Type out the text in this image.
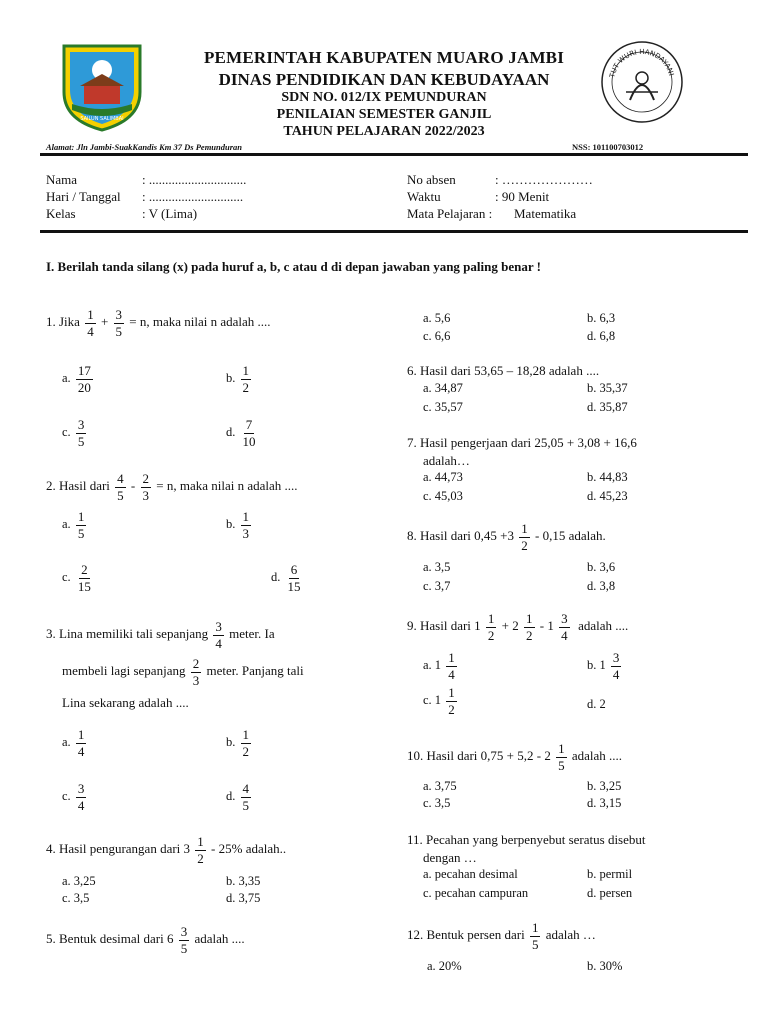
SAILUN SALIMBAI
TUT WURI HANDAYANI
PEMERINTAH KABUPATEN MUARO JAMBI
DINAS PENDIDIKAN DAN KEBUDAYAAN
SDN NO. 012/IX PEMUNDURAN
PENILAIAN SEMESTER GANJIL
TAHUN PELAJARAN 2022/2023
Alamat: Jln Jambi-SuakKandis Km 37 Ds Pemunduran	NSS: 101100703012
Nama	: ..............................
Hari / Tanggal : .............................
Kelas	: V (Lima)
No absen	: …………………
Waktu	: 90 Menit
Mata Pelajaran : Matematika
I. Berilah tanda silang (x) pada huruf a, b, c atau d di depan jawaban yang paling benar !
1. Jika $\frac{1}{4} + \frac{3}{5} = n$, maka nilai n adalah ....
a. $\frac{17}{20}$	b. $\frac{1}{2}$
c. $\frac{3}{5}$	d. $\frac{7}{10}$
2. Hasil dari $\frac{4}{5} - \frac{2}{3} = n$, maka nilai n adalah ....
a. $\frac{1}{5}$	b. $\frac{1}{3}$
c. $\frac{2}{15}$	d. $\frac{6}{15}$
3. Lina memiliki tali sepanjang $\frac{3}{4}$ meter. Ia
membeli lagi sepanjang $\frac{2}{3}$ meter. Panjang tali
Lina sekarang adalah ....
a. $\frac{1}{4}$	b. $\frac{1}{2}$
c. $\frac{3}{4}$	d. $\frac{4}{5}$
4. Hasil pengurangan dari $3 \frac{1}{2} - 25\%$ adalah..
a. 3,25	b. 3,35
c. 3,5	d. 3,75
5. Bentuk desimal dari $6 \frac{3}{5}$ adalah ....
a. 5,6	b. 6,3
c. 6,6	d. 6,8
6. Hasil dari 53,65 – 18,28 adalah ....
a. 34,87	b. 35,37
c. 35,57	d. 35,87
7. Hasil pengerjaan dari 25,05 + 3,08 + 16,6
adalah…
a. 44,73	b. 44,83
c. 45,03	d. 45,23
8. Hasil dari $0,45 +3 \frac{1}{2} - 0,15$ adalah.
a. 3,5	b. 3,6
c. 3,7	d. 3,8
9. Hasil dari $1 \frac{1}{2} + 2 \frac{1}{2} - 1 \frac{3}{4}$ adalah ....
a. $1 \frac{1}{4}$	b. $1 \frac{3}{4}$
c. $1 \frac{1}{2}$	d. 2
10. Hasil dari $0,75 + 5,2 - 2 \frac{1}{5}$ adalah ....
a. 3,75	b. 3,25
c. 3,5	d. 3,15
11. Pecahan yang berpenyebut seratus disebut
dengan …
a. pecahan desimal	b. permil
c. pecahan campuran	d. persen
12. Bentuk persen dari $\frac{1}{5}$ adalah …
a. 20%	b. 30%
